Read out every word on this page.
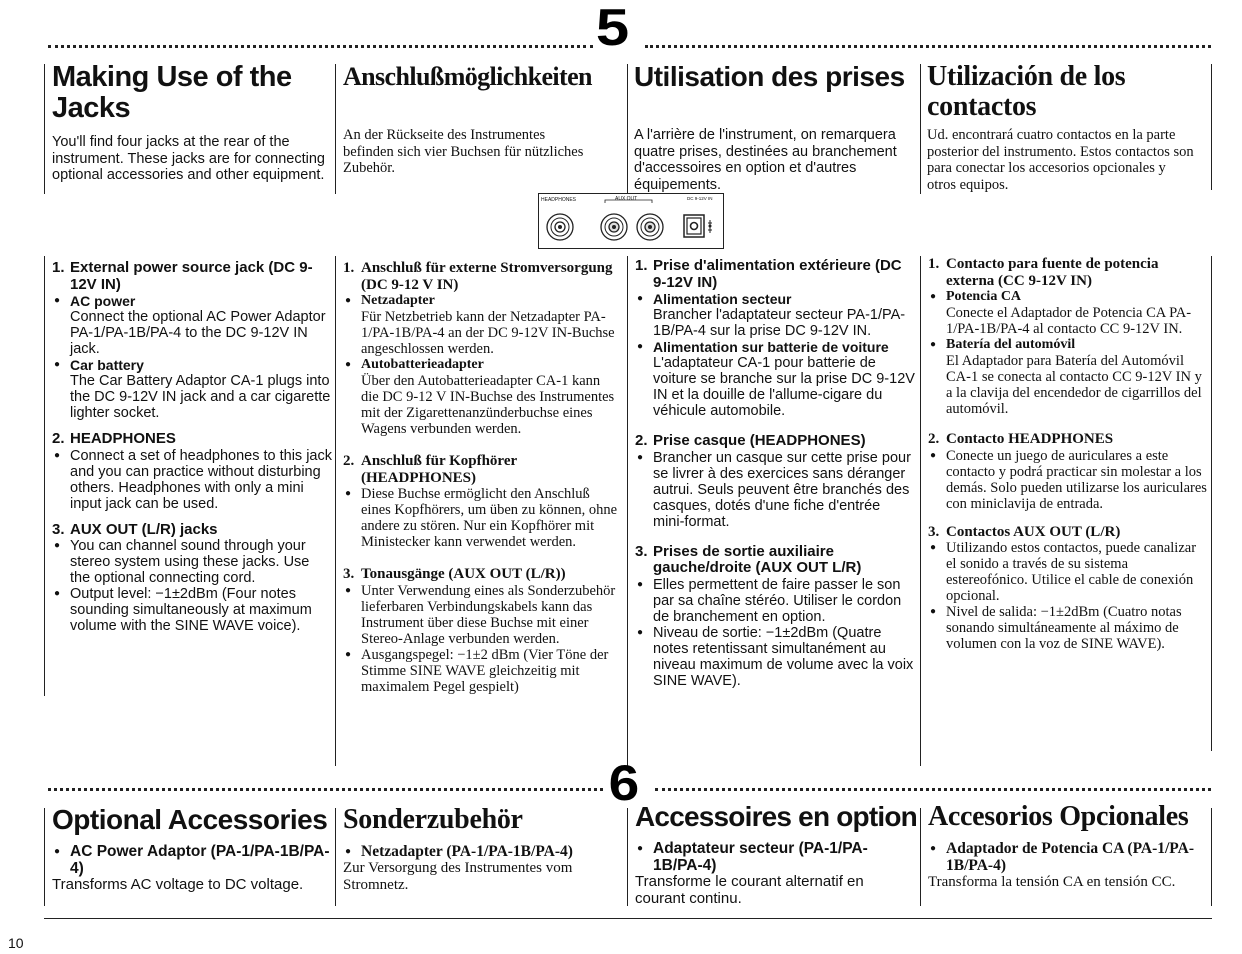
5
Making Use of the Jacks

You'll find four jacks at the rear of the instrument. These jacks are for connecting optional accessories and other equipment.

Anschlußmöglichkeiten

An der Rückseite des Instrumentes befinden sich vier Buchsen für nützliches Zubehör.

Utilisation des prises

A l'arrière de l'instrument, on remarquera quatre prises, destinées au branchement d'accessoires en option et d'autres équipements.

Utilización de los contactos

Ud. encontrará cuatro contactos en la parte posterior del instrumento. Estos contactos son para conectar los accesorios opcionales y otros equipos.

HEADPHONES	AUX OUT	DC 9-12V IN
1. External power source jack (DC 9-12V IN)
● AC power
Connect the optional AC Power Adaptor PA-1/PA-1B/PA-4 to the DC 9-12V IN jack.
● Car battery
The Car Battery Adaptor CA-1 plugs into the DC 9-12V IN jack and a car cigarette lighter socket.
2. HEADPHONES
● Connect a set of headphones to this jack and you can practice without disturbing others. Headphones with only a mini input jack can be used.
3. AUX OUT (L/R) jacks
● You can channel sound through your stereo system using these jacks. Use the optional connecting cord.
● Output level: −1±2dBm (Four notes sounding simultaneously at maximum volume with the SINE WAVE voice).
1. Anschluß für externe Stromversorgung (DC 9-12 V IN)
● Netzadapter
Für Netzbetrieb kann der Netzadapter PA-1/PA-1B/PA-4 an der DC 9-12V IN-Buchse angeschlossen werden.
● Autobatterieadapter
Über den Autobatterieadapter CA-1 kann die DC 9-12 V IN-Buchse des Instrumentes mit der Zigarettenanzünderbuchse eines Wagens verbunden werden.
2. Anschluß für Kopfhörer (HEADPHONES)
● Diese Buchse ermöglicht den Anschluß eines Kopfhörers, um üben zu können, ohne andere zu stören. Nur ein Kopfhörer mit Ministecker kann verwendet werden.
3. Tonausgänge (AUX OUT (L/R))
● Unter Verwendung eines als Sonderzubehör lieferbaren Verbindungskabels kann das Instrument über diese Buchse mit einer Stereo-Anlage verbunden werden.
● Ausgangspegel: −1±2 dBm (Vier Töne der Stimme SINE WAVE gleichzeitig mit maximalem Pegel gespielt)
1. Prise d'alimentation extérieure (DC 9-12V IN)
● Alimentation secteur
Brancher l'adaptateur secteur PA-1/PA-1B/PA-4 sur la prise DC 9-12V IN.
● Alimentation sur batterie de voiture
L'adaptateur CA-1 pour batterie de voiture se branche sur la prise DC 9-12V IN et la douille de l'allume-cigare du véhicule automobile.
2. Prise casque (HEADPHONES)
● Brancher un casque sur cette prise pour se livrer à des exercices sans déranger autrui. Seuls peuvent être branchés des casques, dotés d'une fiche d'entrée mini-format.
3. Prises de sortie auxiliaire gauche/droite (AUX OUT L/R)
● Elles permettent de faire passer le son par sa chaîne stéréo. Utiliser le cordon de branchement en option.
● Niveau de sortie: −1±2dBm (Quatre notes retentissant simultanément au niveau maximum de volume avec la voix SINE WAVE).
1. Contacto para fuente de potencia externa (CC 9-12V IN)
● Potencia CA
Conecte el Adaptador de Potencia CA PA-1/PA-1B/PA-4 al contacto CC 9-12V IN.
● Batería del automóvil
El Adaptador para Batería del Automóvil CA-1 se conecta al contacto CC 9-12V IN y a la clavija del encendedor de cigarrillos del automóvil.
2. Contacto HEADPHONES
● Conecte un juego de auriculares a este contacto y podrá practicar sin molestar a los demás. Solo pueden utilizarse los auriculares con miniclavija de entrada.
3. Contactos AUX OUT (L/R)
● Utilizando estos contactos, puede canalizar el sonido a través de su sistema estereofónico. Utilice el cable de conexión opcional.
● Nivel de salida: −1±2dBm (Cuatro notas sonando simultáneamente al máximo de volumen con la voz de SINE WAVE).
6
Optional Accessories
● AC Power Adaptor (PA-1/PA-1B/PA-4)

Transforms AC voltage to DC voltage.

Sonderzubehör
● Netzadapter (PA-1/PA-1B/PA-4)

Zur Versorgung des Instrumentes vom Stromnetz.

Accessoires en option
● Adaptateur secteur (PA-1/PA-1B/PA-4)

Transforme le courant alternatif en courant continu.

Accesorios Opcionales
● Adaptador de Potencia CA (PA-1/PA-1B/PA-4)

Transforma la tensión CA en tensión CC.

10
